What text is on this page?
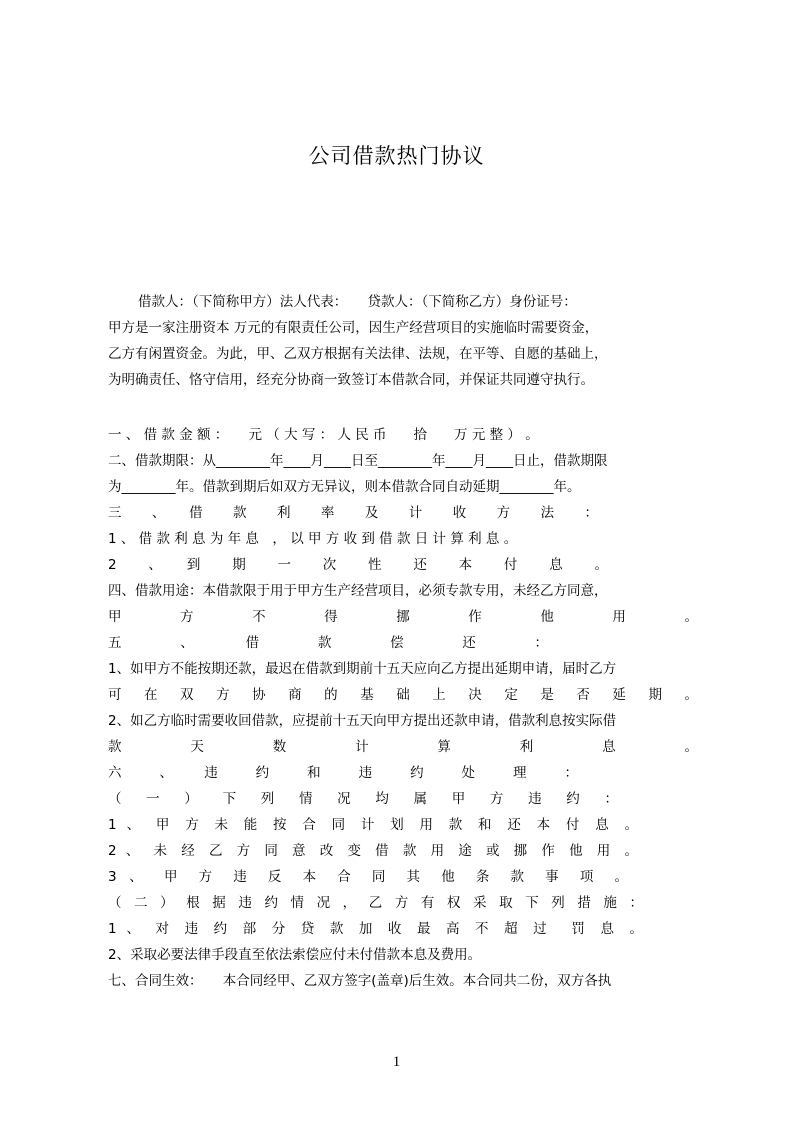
公司借款热门协议
借款人：（下简称甲方）法人代表：　　贷款人：（下简称乙方）身份证号：
甲方是一家注册资本 万元的有限责任公司，因生产经营项目的实施临时需要资金，
乙方有闲置资金。为此，甲、乙双方根据有关法律、法规，在平等、自愿的基础上，
为明确责任、恪守信用，经充分协商一致签订本借款合同，并保证共同遵守执行。
一 、 借 款 金 额 ：　　元 （ 大 写 ： 人 民 币　　拾　　万 元 整 ） 。
二、借款期限：从________年____月____日至________年____月____日止，借款期限
为________年。借款到期后如双方无异议，则本借款合同自动延期________年。
三　、　借　款　利　率　及　计　收　方　法　：
1 、 借 款 利 息 为 年 息　， 以 甲 方 收 到 借 款 日 计 算 利 息 。
2　、　到　期　一　次　性　还　本　付　息　。
四、借款用途：本借款限于用于甲方生产经营项目，必须专款专用，未经乙方同意，
甲　方　不　得　挪　作　他　用　。
五　、　借　款　偿　还　：
1、如甲方不能按期还款，最迟在借款到期前十五天应向乙方提出延期申请，届时乙方
可 在 双 方 协 商 的 基 础 上 决 定 是 否 延 期 。
2、如乙方临时需要收回借款，应提前十五天向甲方提出还款申请，借款利息按实际借
款　天　数　计　算　利　息　。
六　、　违　约　和　违　约　处　理　：
（ 一 ） 下 列 情 况 均 属 甲 方 违 约 ：
1 、 甲 方 未 能 按 合 同 计 划 用 款 和 还 本 付 息 。
2 、 未 经 乙 方 同 意 改 变 借 款 用 途 或 挪 作 他 用 。
3 、 甲 方 违 反 本 合 同 其 他 条 款 事 项 。
（ 二 ） 根 据 违 约 情 况 ， 乙 方 有 权 采 取 下 列 措 施 ：
1 、 对 违 约 部 分 贷 款 加 收 最 高 不 超 过　罚 息 。
2、采取必要法律手段直至依法索偿应付未付借款本息及费用。
七、合同生效：　　本合同经甲、乙双方签字(盖章)后生效。本合同共二份，双方各执
1
